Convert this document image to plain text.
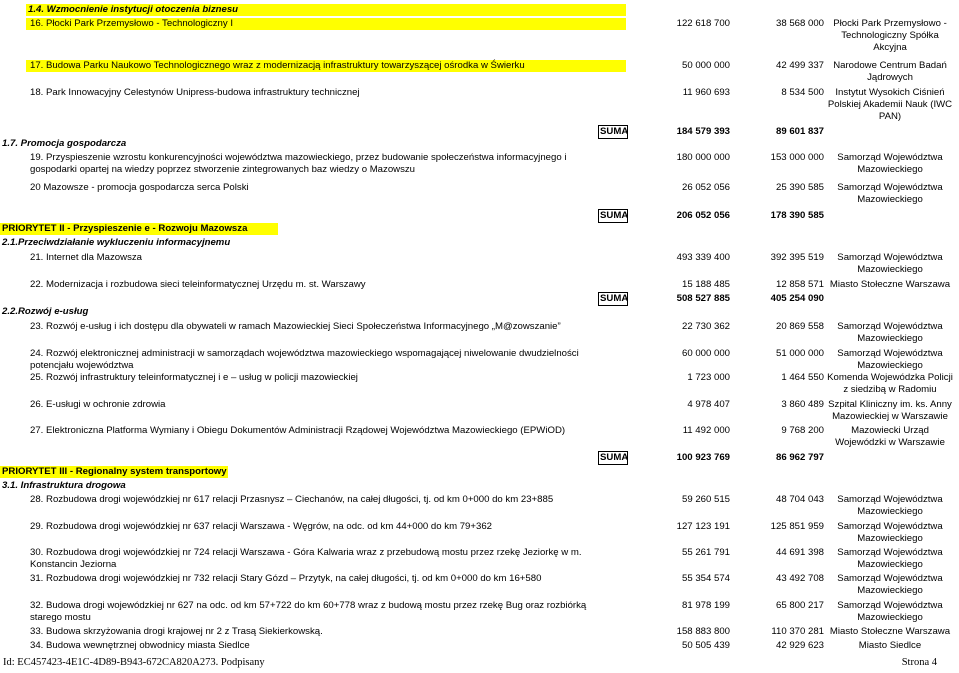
1.4. Wzmocnienie instytucji otoczenia biznesu
16. Płocki Park Przemysłowo - Technologiczny I	122 618 700	38 568 000 Płocki Park Przemysłowo - Technologiczny Spółka Akcyjna
17. Budowa Parku Naukowo Technologicznego wraz z modernizacją infrastruktury towarzyszącej ośrodka w Świerku	50 000 000	42 499 337 Narodowe Centrum Badań Jądrowych
18. Park Innowacyjny Celestynów Unipress-budowa infrastruktury technicznej	11 960 693	8 534 500	Instytut Wysokich Ciśnień Polskiej Akademii Nauk (IWC PAN)
SUMA	184 579 393	89 601 837
1.7. Promocja gospodarcza
19. Przyspieszenie wzrostu konkurencyjności województwa mazowieckiego, przez budowanie społeczeństwa informacyjnego i gospodarki opartej na wiedzy poprzez stworzenie zintegrowanych baz wiedzy o Mazowszu
180 000 000	153 000 000	Samorząd Województwa Mazowieckiego
20 Mazowsze - promocja gospodarcza serca Polski	26 052 056	25 390 585	Samorząd Województwa Mazowieckiego
SUMA	206 052 056	178 390 585
PRIORYTET II - Przyspieszenie e - Rozwoju Mazowsza
2.1.Przeciwdziałanie wykluczeniu informacyjnemu
21. Internet dla Mazowsza	493 339 400	392 395 519	Samorząd Województwa Mazowieckiego
22. Modernizacja i rozbudowa sieci teleinformatycznej Urzędu m. st. Warszawy	15 188 485	12 858 571 Miasto Stołeczne Warszawa
SUMA	508 527 885	405 254 090
2.2.Rozwój e-usług
23. Rozwój e-usług i ich dostępu dla obywateli w ramach Mazowieckiej Sieci Społeczeństwa Informacyjnego „M@zowszanie”	22 730 362	20 869 558	Samorząd Województwa Mazowieckiego
24. Rozwój elektronicznej administracji w samorządach województwa mazowieckiego wspomagającej niwelowanie dwudzielności potencjału województwa
60 000 000	51 000 000	Samorząd Województwa Mazowieckiego
25. Rozwój infrastruktury teleinformatycznej i e – usług w policji mazowieckiej	1 723 000	1 464 550 Komenda Wojewódzka Policji z siedzibą w Radomiu
26. E-usługi w ochronie zdrowia	4 978 407	3 860 489 Szpital Kliniczny im. ks. Anny Mazowieckiej w Warszawie
27. Elektroniczna Platforma Wymiany i Obiegu Dokumentów Administracji Rządowej Województwa Mazowieckiego (EPWiOD)	11 492 000	9 768 200	Mazowiecki Urząd Wojewódzki w Warszawie
SUMA	100 923 769	86 962 797
PRIORYTET III - Regionalny system transportowy
3.1. Infrastruktura drogowa
28. Rozbudowa drogi wojewódzkiej nr 617 relacji Przasnysz – Ciechanów, na całej długości, tj. od km 0+000 do km 23+885	59 260 515	48 704 043	Samorząd Województwa Mazowieckiego
29. Rozbudowa drogi wojewódzkiej nr 637 relacji Warszawa - Węgrów, na odc. od km 44+000 do km 79+362	127 123 191	125 851 959	Samorząd Województwa Mazowieckiego
30. Rozbudowa drogi wojewódzkiej nr 724 relacji Warszawa - Góra Kalwaria wraz z przebudową mostu przez rzekę Jeziorkę w m. Konstancin Jeziorna
55 261 791	44 691 398	Samorząd Województwa Mazowieckiego
31. Rozbudowa drogi wojewódzkiej nr 732 relacji Stary Gózd – Przytyk, na całej długości, tj. od km 0+000 do km 16+580	55 354 574	43 492 708	Samorząd Województwa Mazowieckiego
32. Budowa drogi wojewódzkiej nr 627 na odc. od km 57+722 do km 60+778 wraz z budową mostu przez rzekę Bug oraz rozbiórką starego mostu
81 978 199	65 800 217	Samorząd Województwa Mazowieckiego
33. Budowa skrzyżowania drogi krajowej nr 2 z Trasą Siekierkowską.	158 883 800	110 370 281 Miasto Stołeczne Warszawa
34. Budowa wewnętrznej obwodnicy miasta Siedlce	50 505 439	42 929 623	Miasto Siedlce
Id: EC457423-4E1C-4D89-B943-672CA820A273. Podpisany	Strona 4
